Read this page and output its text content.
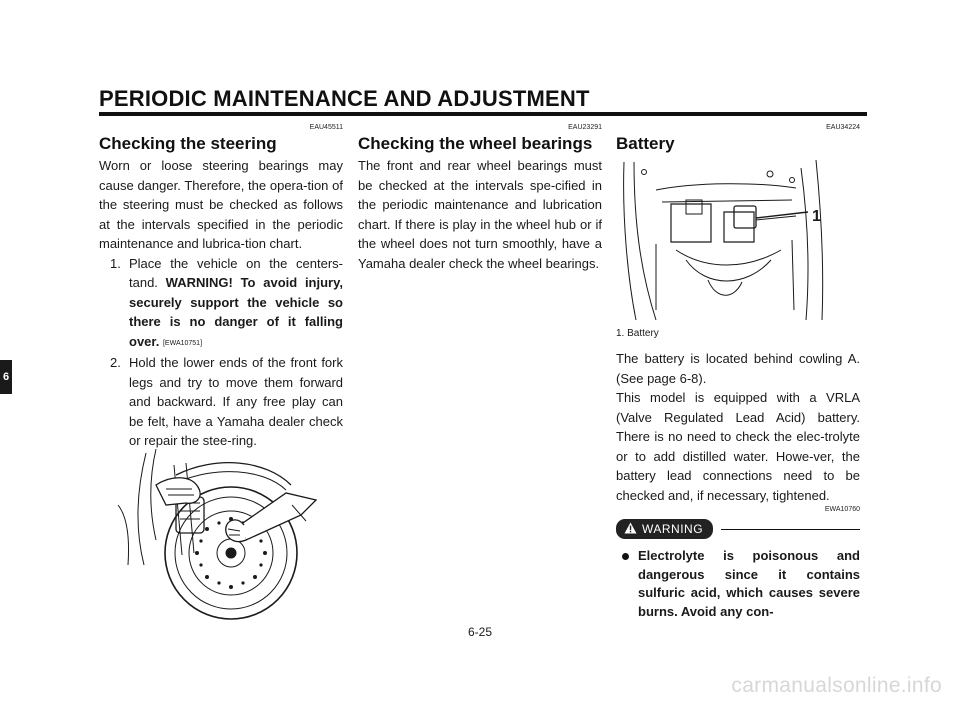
PERIODIC MAINTENANCE AND ADJUSTMENT
6
EAU45511
Checking the steering

Worn or loose steering bearings may cause danger. Therefore, the opera-tion of the steering must be checked as follows at the intervals specified in the periodic maintenance and lubrica-tion chart.

1. Place the vehicle on the centers-tand. WARNING! To avoid injury, securely support the vehicle so there is no danger of it falling over. [EWA10751]
2. Hold the lower ends of the front fork legs and try to move them forward and backward. If any free play can be felt, have a Yamaha dealer check or repair the stee-ring.
EAU23291
Checking the wheel bearings

The front and rear wheel bearings must be checked at the intervals spe-cified in the periodic maintenance and lubrication chart. If there is play in the wheel hub or if the wheel does not turn smoothly, have a Yamaha dealer check the wheel bearings.

EAU34224
Battery
1
1. Battery

The battery is located behind cowling A. (See page 6-8).

This model is equipped with a VRLA (Valve Regulated Lead Acid) battery. There is no need to check the elec-trolyte or to add distilled water. Howe-ver, the battery lead connections need to be checked and, if necessary, tightened.

EWA10760
WARNING
Electrolyte is poisonous and dangerous since it contains sulfuric acid, which causes severe burns. Avoid any con-
6-25
carmanualsonline.info
